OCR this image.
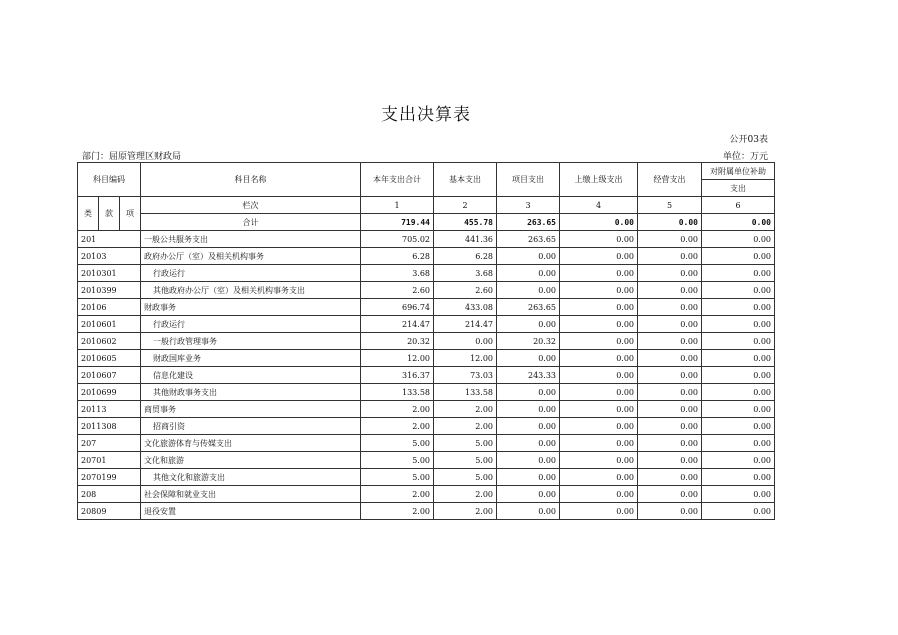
支出决算表
公开03表
部门：屈原管理区财政局	单位：万元
科目编码			科目名称	本年支出合计	基本支出	项目支出	上缴上级支出	经营支出	对附属单位补助
									支出
类	款	项	栏次	1	2	3	4	5	6
			合计	719.44	455.78	263.65	0.00	0.00	0.00
201			一般公共服务支出	705.02	441.36	263.65	0.00	0.00	0.00
20103			政府办公厅（室）及相关机构事务	6.28	6.28	0.00	0.00	0.00	0.00
2010301			行政运行	3.68	3.68	0.00	0.00	0.00	0.00
2010399			其他政府办公厅（室）及相关机构事务支出	2.60	2.60	0.00	0.00	0.00	0.00
20106			财政事务	696.74	433.08	263.65	0.00	0.00	0.00
2010601			行政运行	214.47	214.47	0.00	0.00	0.00	0.00
2010602			一般行政管理事务	20.32	0.00	20.32	0.00	0.00	0.00
2010605			财政国库业务	12.00	12.00	0.00	0.00	0.00	0.00
2010607			信息化建设	316.37	73.03	243.33	0.00	0.00	0.00
2010699			其他财政事务支出	133.58	133.58	0.00	0.00	0.00	0.00
20113			商贸事务	2.00	2.00	0.00	0.00	0.00	0.00
2011308			招商引资	2.00	2.00	0.00	0.00	0.00	0.00
207			文化旅游体育与传媒支出	5.00	5.00	0.00	0.00	0.00	0.00
20701			文化和旅游	5.00	5.00	0.00	0.00	0.00	0.00
2070199			其他文化和旅游支出	5.00	5.00	0.00	0.00	0.00	0.00
208			社会保障和就业支出	2.00	2.00	0.00	0.00	0.00	0.00
20809			退役安置	2.00	2.00	0.00	0.00	0.00	0.00
